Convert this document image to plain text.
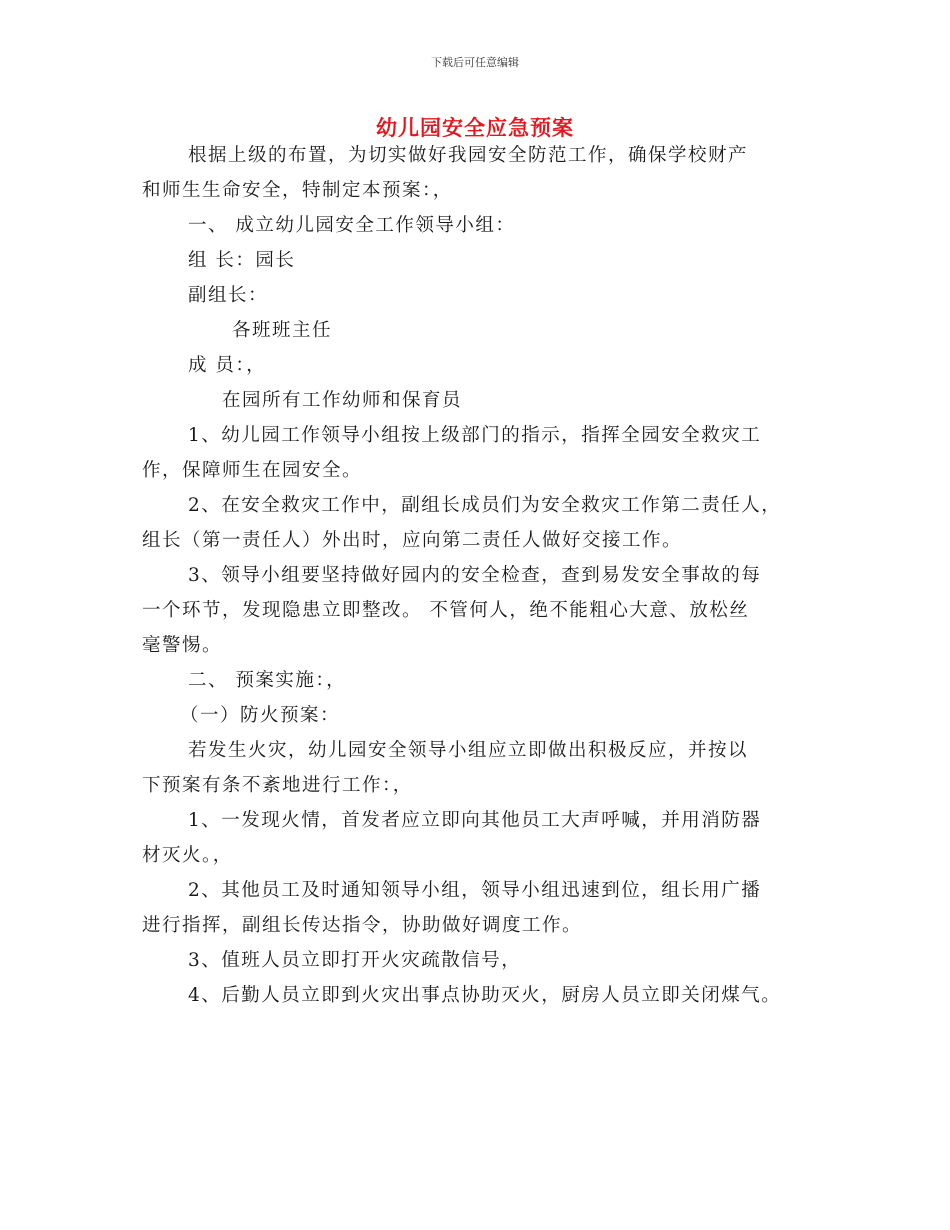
下载后可任意编辑
幼儿园安全应急预案
根据上级的布置，为切实做好我园安全防范工作，确保学校财产
和师生生命安全，特制定本预案：，
一、 成立幼儿园安全工作领导小组：
组 长：园长
副组长：
各班班主任
成 员：，
在园所有工作幼师和保育员
1、幼儿园工作领导小组按上级部门的指示，指挥全园安全救灾工
作，保障师生在园安全。
2、在安全救灾工作中，副组长成员们为安全救灾工作第二责任人，
组长（第一责任人）外出时，应向第二责任人做好交接工作。
3、领导小组要坚持做好园内的安全检查，查到易发安全事故的每
一个环节，发现隐患立即整改。 不管何人，绝不能粗心大意、放松丝
毫警惕。
二、 预案实施：，
（一）防火预案：
若发生火灾，幼儿园安全领导小组应立即做出积极反应，并按以
下预案有条不紊地进行工作：，
1、一发现火情，首发者应立即向其他员工大声呼喊，并用消防器
材灭火。，
2、其他员工及时通知领导小组，领导小组迅速到位，组长用广播
进行指挥，副组长传达指令，协助做好调度工作。
3、值班人员立即打开火灾疏散信号，
4、后勤人员立即到火灾出事点协助灭火，厨房人员立即关闭煤气。
